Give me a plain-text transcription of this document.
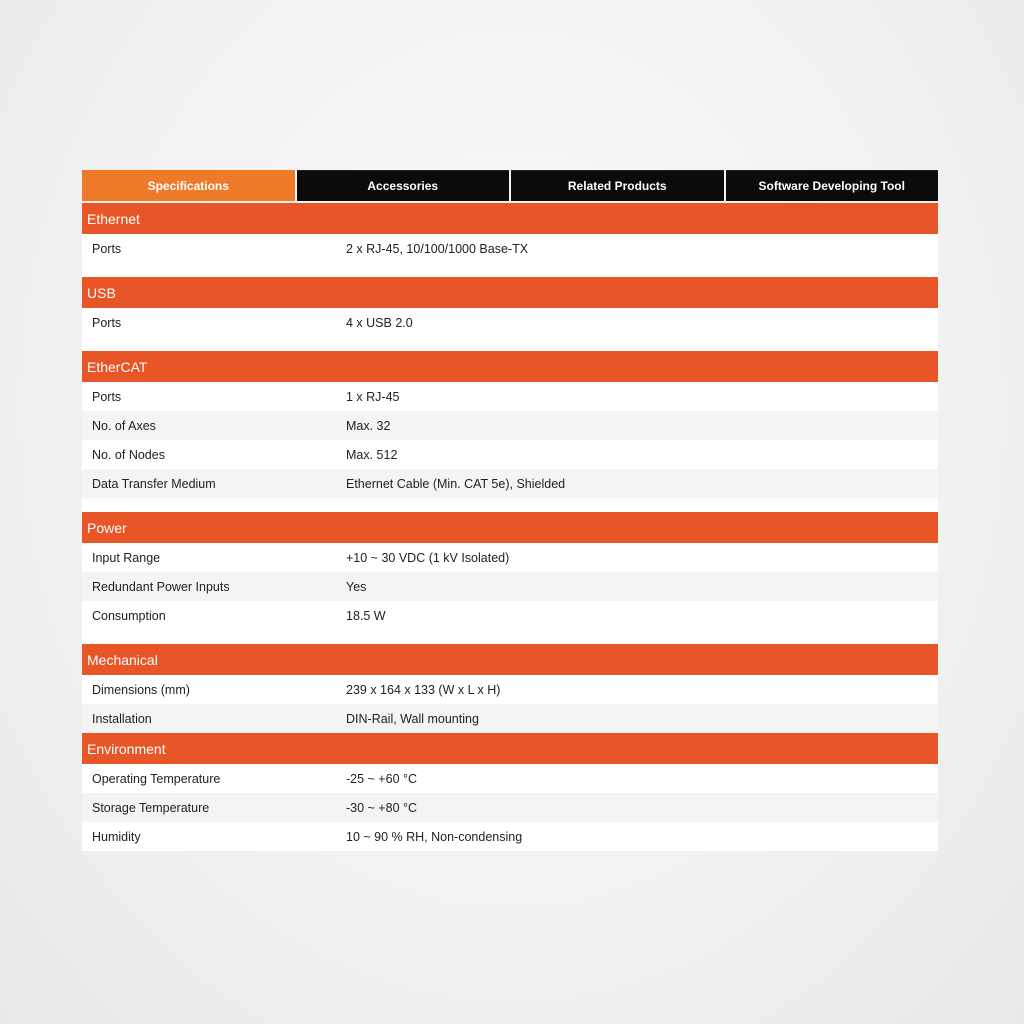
Specifications	Accessories	Related Products	Software Developing Tool
Ethernet
Ports	2 x RJ-45, 10/100/1000 Base-TX
USB
Ports	4 x USB 2.0
EtherCAT
Ports	1 x RJ-45
No. of Axes	Max. 32
No. of Nodes	Max. 512
Data Transfer Medium	Ethernet Cable (Min. CAT 5e), Shielded
Power
Input Range	+10 ~ 30 VDC (1 kV Isolated)
Redundant Power Inputs	Yes
Consumption	18.5 W
Mechanical
Dimensions (mm)	239 x 164 x 133 (W x L x H)
Installation	DIN-Rail, Wall mounting
Environment
Operating Temperature	-25 ~ +60 °C
Storage Temperature	-30 ~ +80 °C
Humidity	10 ~ 90 % RH, Non-condensing
